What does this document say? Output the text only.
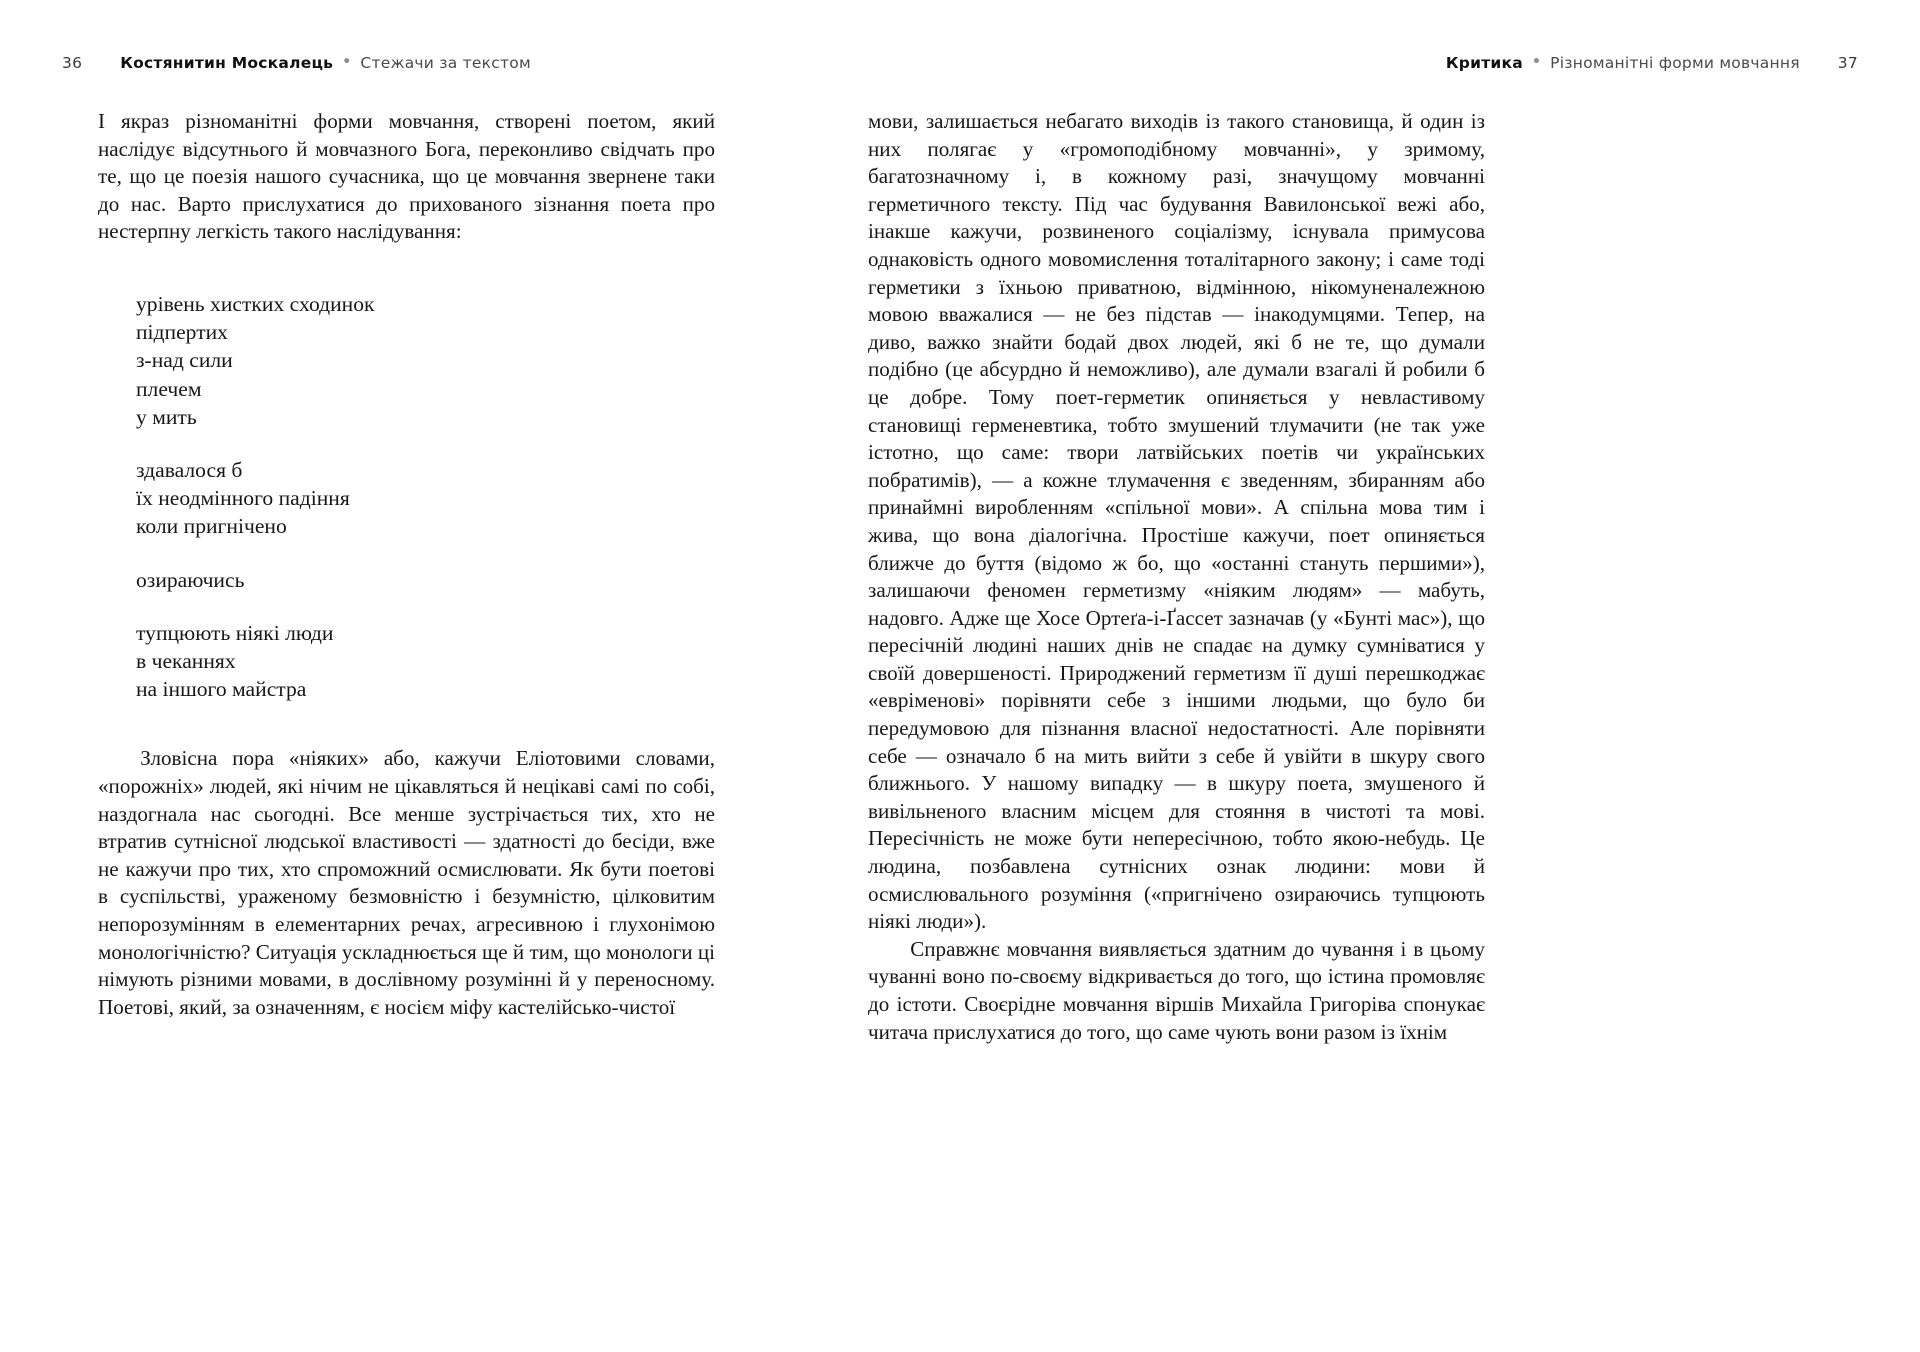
36 Костянитин Москалець • Стежачи за текстом	Критика • Різноманітні форми мовчання 37

І якраз різноманітні форми мовчання, створені поетом, який наслідує відсутнього й мовчазного Бога, переконливо свідчать про те, що це поезія нашого сучасника, що це мовчання звернене таки до нас. Варто прислухатися до прихованого зізнання поета про нестерпну легкість такого наслідування:

урівень хистких сходинок
підпертих
з-над сили
плечем
у мить
здавалося б
їх неодмінного падіння
коли пригнічено
озираючись
тупцюють ніякі люди
в чеканнях
на іншого майстра

Зловісна пора «ніяких» або, кажучи Еліотовими словами, «порожніх» людей, які нічим не цікавляться й нецікаві самі по собі, наздогнала нас сьогодні. Все менше зустрічається тих, хто не втратив сутнісної людської властивості — здатності до бесіди, вже не кажучи про тих, хто спроможний осмислювати. Як бути поетові в суспільстві, ураженому безмовністю і безумністю, цілковитим непорозумінням в елементарних речах, агресивною і глухонімою монологічністю? Ситуація ускладнюється ще й тим, що монологи ці німують різними мовами, в дослівному розумінні й у переносному. Поетові, який, за означенням, є носієм міфу кастелійсько-чистої

мови, залишається небагато виходів із такого становища, й один із них полягає у «громоподібному мовчанні», у зримому, багатозначному і, в кожному разі, значущому мовчанні герметичного тексту. Під час будування Вавилонської вежі або, інакше кажучи, розвиненого соціалізму, існувала примусова однаковість одного мовомислення тоталітарного закону; і саме тоді герметики з їхньою приватною, відмінною, нікомуненалежною мовою вважалися — не без підстав — інакодумцями. Тепер, на диво, важко знайти бодай двох людей, які б не те, що думали подібно (це абсурдно й неможливо), але думали взагалі й робили б це добре. Тому поет-герметик опиняється у невластивому становищі герменевтика, тобто змушений тлумачити (не так уже істотно, що саме: твори латвійських поетів чи українських побратимів), — а кожне тлумачення є зведенням, збиранням або принаймні виробленням «спільної мови». А спільна мова тим і жива, що вона діалогічна. Простіше кажучи, поет опиняється ближче до буття (відомо ж бо, що «останні стануть першими»), залишаючи феномен герметизму «ніяким людям» — мабуть, надовго. Адже ще Хосе Ортеґа-і-Ґассет зазначав (у «Бунті мас»), що пересічній людині наших днів не спадає на думку сумніватися у своїй довершеності. Природжений герметизм її душі перешкоджає «евріменові» порівняти себе з іншими людьми, що було би передумовою для пізнання власної недостатності. Але порівняти себе — означало б на мить вийти з себе й увійти в шкуру свого ближнього. У нашому випадку — в шкуру поета, змушеного й вивільненого власним місцем для стояння в чистоті та мові. Пересічність не може бути непересічною, тобто якою-небудь. Це людина, позбавлена сутнісних ознак людини: мови й осмислювального розуміння («пригнічено озираючись тупцюють ніякі люди»).

Справжнє мовчання виявляється здатним до чування і в цьому чуванні воно по-своєму відкривається до того, що істина промовляє до істоти. Своєрідне мовчання віршів Михайла Григоріва спонукає читача прислухатися до того, що саме чують вони разом із їхнім
